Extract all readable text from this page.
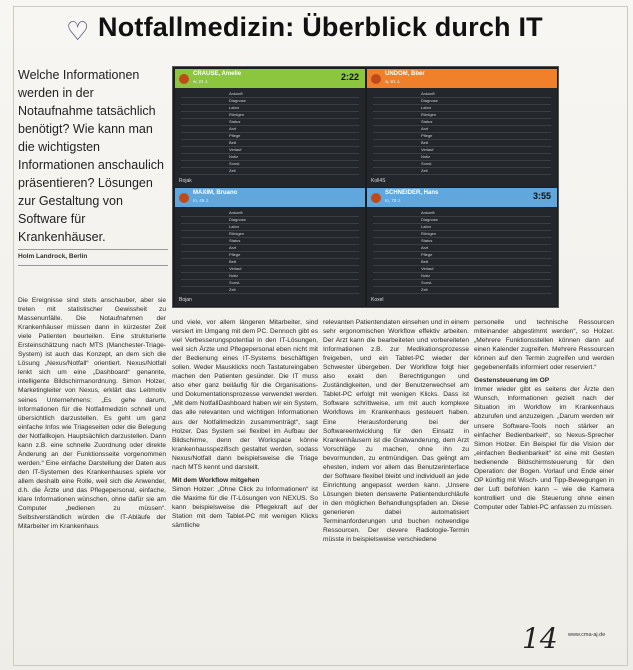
♡ Notfallmedizin: Überblick durch IT
Welche Informationen werden in der Notaufnahme tatsächlich benötigt? Wie kann man die wichtigsten Informationen anschaulich präsentieren? Lösungen zur Gestaltung von Software für Krankenhäuser.
Holm Landrock, Berlin
CRAUSE, Amelie
w, 24 J.	2:22
Ankunft
Diagnose
Labor
Röntgen
Status
Arzt
Pflege
Bett
Verlauf
Notiz
Sonst.
Zeit
Rojak
UNDOM, Bber
w, 61 J.
Ankunft
Diagnose
Labor
Röntgen
Status
Arzt
Pflege
Bett
Verlauf
Notiz
Sonst.
Zeit
Koll4S
MAXIM, Bruano
m, 45 J.
Ankunft
Diagnose
Labor
Röntgen
Status
Arzt
Pflege
Bett
Verlauf
Notiz
Sonst.
Zeit
Bojan
SCHNEIDER, Hans
m, 70 J.	3:55
Ankunft
Diagnose
Labor
Röntgen
Status
Arzt
Pflege
Bett
Verlauf
Notiz
Sonst.
Zeit
Koxel

Die Ereignisse sind stets anschauber, aber sie treten mit statistischer Gewissheit zu Massenunfälle. Die Notaufnahmen der Krankenhäuser müssen dann in kürzester Zeit viele Patienten beurteilen. Eine strukturierte Ersteinschätzung nach MTS (Manchester-Triage-System) ist auch das Konzept, an dem sich die Lösung „Nexus/Notfall“ orientiert. Nexus/Notfall lenkt sich um eine „Dashboard“ genannte, intelligente Bildschirmanordnung. Simon Holzer, Marketingleiter von Nexus, erklärt das Leitmotiv seines Unternehmens: „Es gehe darum, Informationen für die Notfallmedizin schnell und übersichtlich darzustellen. Es geht um ganz einfache Infos wie Triageseiten oder die Belegung der Notfallkojen. Hauptsächlich darzustellen. Dann kann z.B. eine schnelle Zuordnung oder direkte Änderung an der Funktionsseite vorgenommen werden.“ Eine einfache Darstellung der Daten aus den IT-Systemen des Krankenhauses spiele vor allem deshalb eine Rolle, weil sich die Anwender, d.h. die Ärzte und das Pflegepersonal, einfache, klare Informationen wünschen, ohne dafür sie am Computer „bedienen zu müssen“. Selbstverständlich würden die IT-Abläufe der Mitarbeiter im Krankenhaus

und viele, vor allem längeren Mitarbeiter, sind versiert im Umgang mit dem PC. Dennoch gibt es viel Verbesserungspotential in den IT-Lösungen, weil sich Ärzte und Pflegepersonal eben nicht mit der Bedienung eines IT-Systems beschäftigen sollen. Weder Mausklicks noch Tastatureingaben machen den Patienten gesünder. Die IT muss also eher ganz beiläufig für die Organisations- und Dokumentationsprozesse verwendet werden. „Mit dem NotfallDashboard haben wir ein System, das alle relevanten und wichtigen Informationen aus der Notfallmedizin zusammenträgt“, sagt Holzer. Das System sei flexibel im Aufbau der Bildschirme, denn der Workspace könne krankenhausspezifisch gestaltet werden, sodass Nexus/Notfall dann beispielsweise die Triage nach MTS kennt und darstellt.

Mit dem Workflow mitgehen

Simon Holzer: „Ohne Click zu Informationen“ ist die Maxime für die IT-Lösungen von NEXUS. So kann beispielsweise die Pflegekraft auf der Station mit dem Tablet-PC mit wenigen Klicks sämtliche

relevanten Patientendaten einsehen und in einem sehr ergonomischen Workflow effektiv arbeiten. Der Arzt kann die bearbeiteten und vorbereiteten Informationen z.B. zur Medikationsprozesse freigeben, und ein Tablet-PC wieder der Schwester übergeben. Der Workflow folgt hier also exakt den Berechtigungen und Zuständigkeiten, und der Benutzerwechsel am Tablet-PC erfolgt mit wenigen Klicks. Dass ist Software schrittweise, um mit auch komplexe Workflows im Krankenhaus gesteuert haben. Eine Herausforderung bei der Softwareentwicklung für den Einsatz in Krankenhäusern ist die Gratwanderung, dem Arzt Vorschläge zu machen, ohne ihn zu bevormunden, zu entmündigen. Das gelingt am ehesten, indem vor allem das Benutzerinterface der Software flexibel bleibt und individuell an jede Einrichtung angepasst werden kann. „Unsere Lösungen bieten denswerte Patientendurchläufe in den möglichen Behandlungspfaden an. Diese generieren dabei automatisiert Terminanforderungen und buchen notwendige Ressourcen. Der clevere Radiologie-Termin müsste in beispielsweise verschiedene

personelle und technische Ressourcen miteinander abgestimmt werden“, so Holzer. „Mehrere Funktionsstellen können dann auf einen Kalender zugreifen. Mehrere Ressourcen können auf den Termin zugreifen und werden gegebenenfalls informiert oder reserviert.“

Gestensteuerung im OP

Immer wieder gibt es seitens der Ärzte den Wunsch, Informationen gezielt nach der Situation im Workflow im Krankenhaus abzurufen und anzuzeigen. „Darum werden wir unsere Software-Tools noch stärker an einfacher Bedienbarkeit“, so Nexus-Sprecher Simon Holzer. Ein Beispiel für die Vision der „einfachen Bedienbarkeit“ ist eine mit Gesten bedienende Bildschirmsteuerung für den Operation: der Bogen. Vorlauf und Ende einer OP künftig mit Wisch- und Tipp-Bewegungen in der Luft befohlen kann – wie die Kamera kontrolliert und die Steuerung ohne einen Computer oder Tablet-PC anfassen zu müssen.

14 www.cma-aj.de
